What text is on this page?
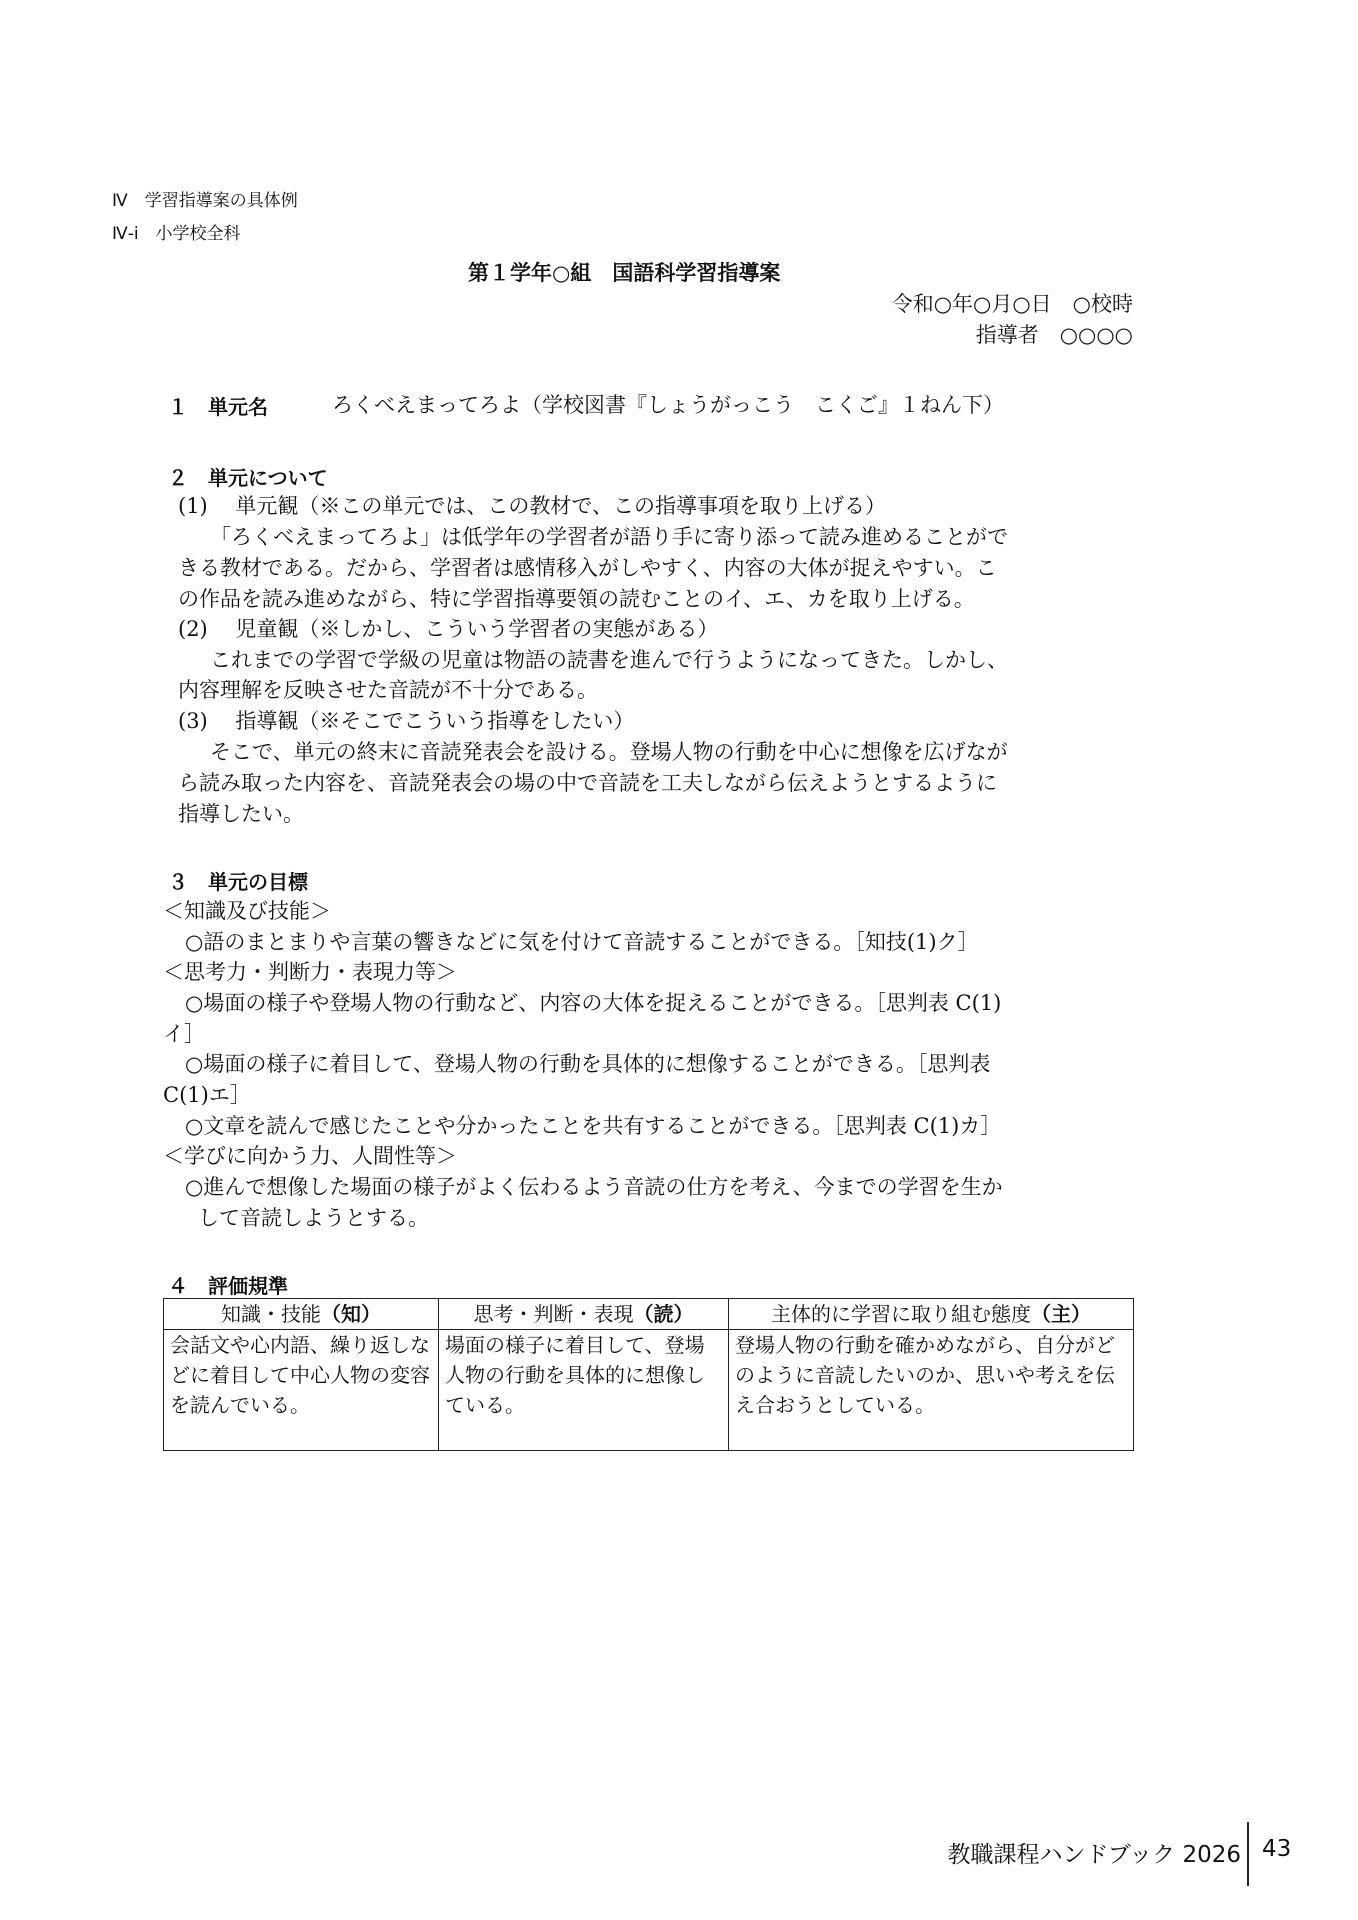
Ⅳ　学習指導案の具体例
Ⅳ-ⅰ　小学校全科
第１学年○組　国語科学習指導案
令和○年○月○日　○校時
指導者　○○○○
１　単元名	ろくべえまってろよ（学校図書『しょうがっこう　こくご』１ねん下）
２　単元について
(1)　 単元観（※この単元では、この教材で、この指導事項を取り上げる）
「ろくべえまってろよ」は低学年の学習者が語り手に寄り添って読み進めることがで
きる教材である。だから、学習者は感情移入がしやすく、内容の大体が捉えやすい。こ
の作品を読み進めながら、特に学習指導要領の読むことのイ、エ、カを取り上げる。
(2)　 児童観（※しかし、こういう学習者の実態がある）
これまでの学習で学級の児童は物語の読書を進んで行うようになってきた。しかし、
内容理解を反映させた音読が不十分である。
(3)　 指導観（※そこでこういう指導をしたい）
そこで、単元の終末に音読発表会を設ける。登場人物の行動を中心に想像を広げなが
ら読み取った内容を、音読発表会の場の中で音読を工夫しながら伝えようとするように
指導したい。
３　単元の目標
＜知識及び技能＞
○語のまとまりや言葉の響きなどに気を付けて音読することができる。［知技(1)ク］
＜思考力・判断力・表現力等＞
○場面の様子や登場人物の行動など、内容の大体を捉えることができる。［思判表 C(1)
イ］
○場面の様子に着目して、登場人物の行動を具体的に想像することができる。［思判表
C(1)エ］
○文章を読んで感じたことや分かったことを共有することができる。［思判表 C(1)カ］
＜学びに向かう力、人間性等＞
○進んで想像した場面の様子がよく伝わるよう音読の仕方を考え、今までの学習を生か
して音読しようとする。
４　評価規準
知識・技能（知）	思考・判断・表現（読）	主体的に学習に取り組む態度（主）
会話文や心内語、繰り返しなどに着目して中心人物の変容を読んでいる。	場面の様子に着目して、登場人物の行動を具体的に想像している。	登場人物の行動を確かめながら、自分がどのように音読したいのか、思いや考えを伝え合おうとしている。
教職課程ハンドブック 2026 43
